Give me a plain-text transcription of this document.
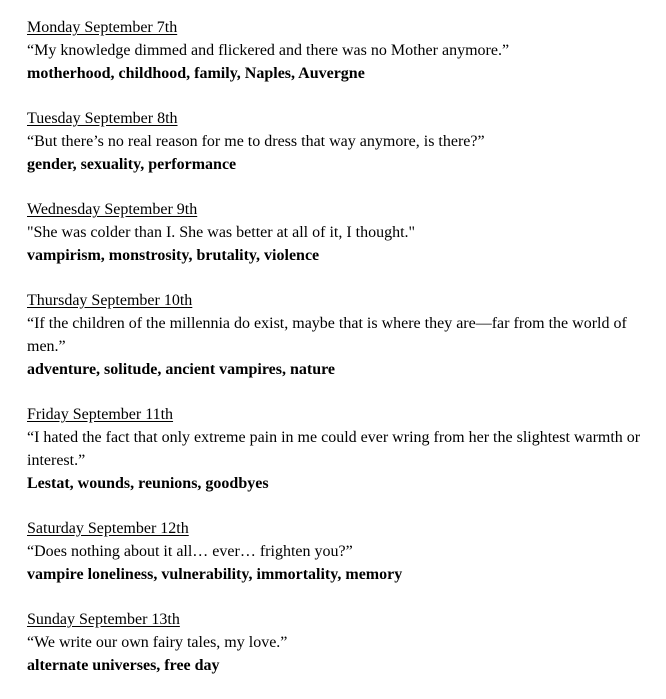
Monday September 7th
“My knowledge dimmed and flickered and there was no Mother anymore.”
motherhood, childhood, family, Naples, Auvergne
Tuesday September 8th
“But there’s no real reason for me to dress that way anymore, is there?”
gender, sexuality, performance
Wednesday September 9th
"She was colder than I. She was better at all of it, I thought."
vampirism, monstrosity, brutality, violence
Thursday September 10th
“If the children of the millennia do exist, maybe that is where they are—far from the world of men.”
adventure, solitude, ancient vampires, nature
Friday September 11th
“I hated the fact that only extreme pain in me could ever wring from her the slightest warmth or interest.”
Lestat, wounds, reunions, goodbyes
Saturday September 12th
“Does nothing about it all… ever… frighten you?”
vampire loneliness, vulnerability, immortality, memory
Sunday September 13th
“We write our own fairy tales, my love.”
alternate universes, free day
